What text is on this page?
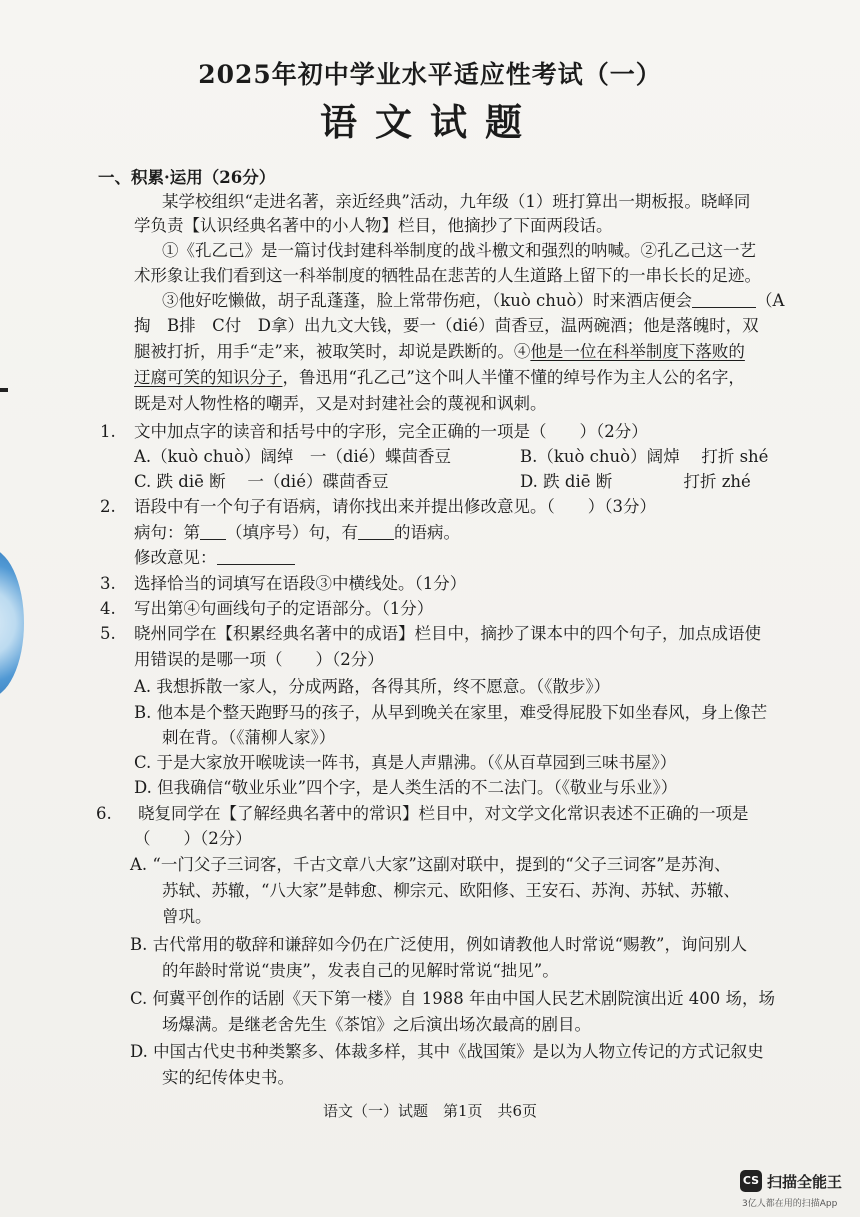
2025年初中学业水平适应性考试（一）
语文试题
一、积累·运用（26分）
某学校组织“走进名著，亲近经典”活动，九年级（1）班打算出一期板报。晓峄同
学负责【认识经典名著中的小人物】栏目，他摘抄了下面两段话。
①《孔乙己》是一篇讨伐封建科举制度的战斗檄文和强烈的呐喊。②孔乙己这一艺
术形象让我们看到这一科举制度的牺牲品在悲苦的人生道路上留下的一串长长的足迹。
③他好吃懒做，胡子乱蓬蓬，脸上常带伤疤，（kuò chuò）时来酒店便会	（A
掏　B排　C付　D拿）出九文大钱，要一（dié）茴香豆，温两碗酒；他是落魄时，双
腿被打折，用手“走”来，被取笑时，却说是跌断的。④他是一位在科举制度下落败的
迂腐可笑的知识分子，鲁迅用“孔乙己”这个叫人半懂不懂的绰号作为主人公的名字，
既是对人物性格的嘲弄，又是对封建社会的蔑视和讽刺。
1. 文中加点字的读音和括号中的字形，完全正确的一项是（　　）（2分）
A.（kuò chuò）阔绰　一（dié）蝶茴香豆	B.（kuò chuò）阔焯　 打折 shé
C. 跌 diē 断　 一（dié）碟茴香豆	D. 跌 diē 断　　　　 打折 zhé
2. 语段中有一个句子有语病，请你找出来并提出修改意见。（　　）（3分）
病句：第 （填序号）句，有 的语病。
修改意见：
3. 选择恰当的词填写在语段③中横线处。（1分）
4. 写出第④句画线句子的定语部分。（1分）
5. 晓州同学在【积累经典名著中的成语】栏目中，摘抄了课本中的四个句子，加点成语使
用错误的是哪一项（　　）（2分）
A. 我想拆散一家人，分成两路，各得其所，终不愿意。（《散步》）
B. 他本是个整天跑野马的孩子，从早到晚关在家里，难受得屁股下如坐春风，身上像芒
刺在背。（《蒲柳人家》）
C. 于是大家放开喉咙读一阵书，真是人声鼎沸。（《从百草园到三味书屋》）
D. 但我确信“敬业乐业”四个字，是人类生活的不二法门。（《敬业与乐业》）
6. 晓复同学在【了解经典名著中的常识】栏目中，对文学文化常识表述不正确的一项是
（　　）（2分）
A. “一门父子三词客，千古文章八大家”这副对联中，提到的“父子三词客”是苏洵、
苏轼、苏辙，“八大家”是韩愈、柳宗元、欧阳修、王安石、苏洵、苏轼、苏辙、
曾巩。
B. 古代常用的敬辞和谦辞如今仍在广泛使用，例如请教他人时常说“赐教”，询问别人
的年龄时常说“贵庚”，发表自己的见解时常说“拙见”。
C. 何冀平创作的话剧《天下第一楼》自 1988 年由中国人民艺术剧院演出近 400 场，场
场爆满。是继老舍先生《茶馆》之后演出场次最高的剧目。
D. 中国古代史书种类繁多、体裁多样，其中《战国策》是以为人物立传记的方式记叙史
实的纪传体史书。
语文（一）试题　第1页　共6页
CS 扫描全能王
3亿人都在用的扫描App
